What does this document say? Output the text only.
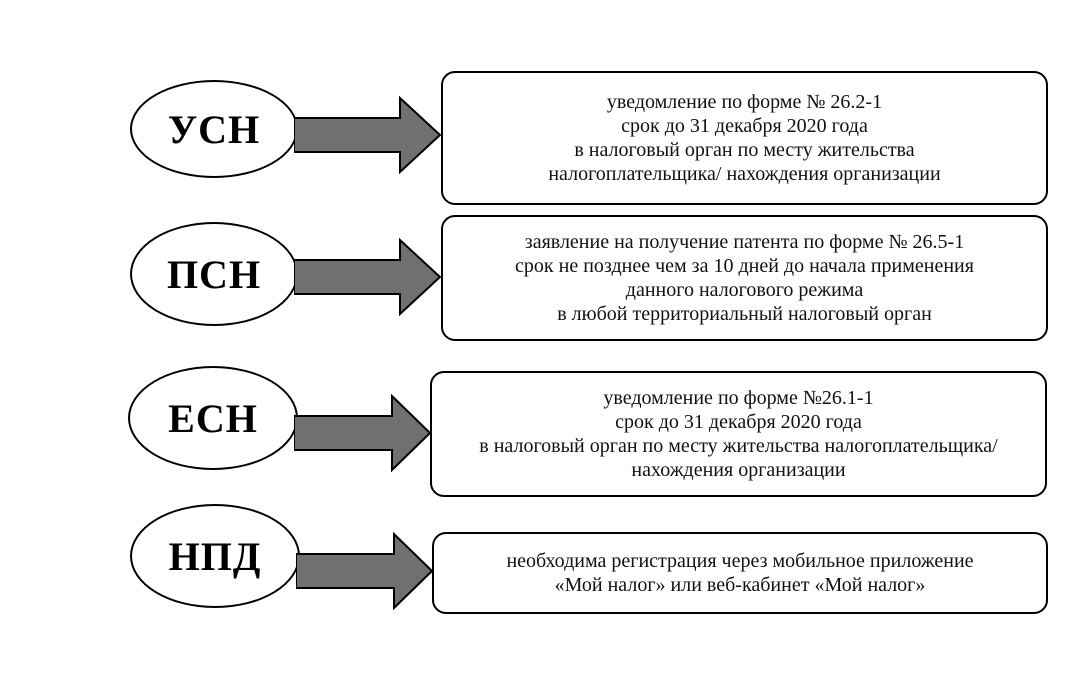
УСН
уведомление по форме № 26.2-1
срок до 31 декабря 2020 года
в налоговый орган по месту жительства
налогоплательщика/ нахождения организации
ПСН
заявление на получение патента по форме № 26.5-1
срок не позднее чем за 10 дней до начала применения
данного налогового режима
в любой территориальный налоговый орган
ЕСН	уведомление по форме №26.1-1
срок до 31 декабря 2020 года
в налоговый орган по месту жительства налогоплательщика/
нахождения организации
НПД	необходима регистрация через мобильное приложение
«Мой налог» или веб-кабинет «Мой налог»
